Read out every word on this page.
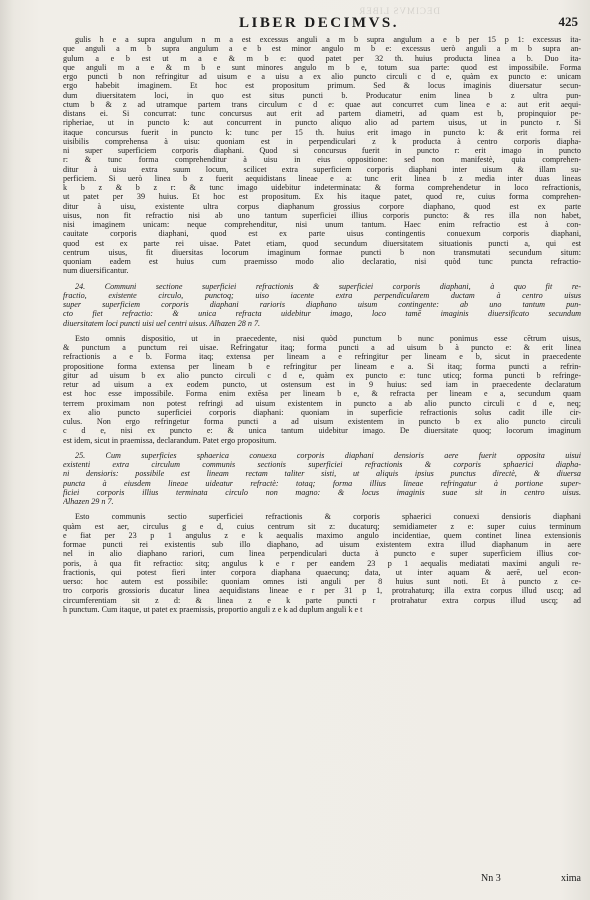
DECIMVS LIBER
LIBER DECIMVS.	425

gulis h e a supra angulum n m a est excessus anguli a m b supra angulum a e b per 15 p 1: excessus ita-
que anguli a m b supra angulum a e b est minor angulo m b e: excessus uerò anguli a m b supra an-
gulum a e b est ut m a e & m b e: quod patet per 32 th. huius producta linea a b. Duo ita-
que anguli m a e & m b e sunt minores angulo m b e, totum sua parte: quod est impossibile. Forma
ergo puncti b non refringitur ad uisum e a uisu a ex alio puncto circuli c d e, quàm ex puncto e: unicam
ergo habebit imaginem. Et hoc est propositum primum. Sed & locus imaginis diuersatur secun-
dum diuersitatem loci, in quo est situs puncti b. Producatur enim linea b z ultra pun-
ctum b & z ad utramque partem trans circulum c d e: quae aut concurret cum linea e a: aut erit aequi-
distans ei. Si concurrat: tunc concursus aut erit ad partem diametri, ad quam est b, propinquior pe-
ripheriae, ut in puncto k: aut concurrent in puncto aliquo alio ad partem uisus, ut in puncto r. Si
itaque concursus fuerit in puncto k: tunc per 15 th. huius erit imago in puncto k: & erit forma rei
uisibilis comprehensa à uisu: quoniam est in perpendiculari z k producta à centro corporis diapha-
ni super superficiem corporis diaphani. Quod si concursus fuerit in puncto r: erit imago in puncto
r: & tunc forma comprehenditur à uisu in eius oppositione: sed non manifestè, quia comprehen-
ditur à uisu extra suum locum, scilicet extra superficiem corporis diaphani inter uisum & illam su-
perficiem. Si uerò linea b z fuerit aequidistans lineae e a: tunc erit linea b z media inter duas lineas
k b z & b z r: & tunc imago uidebitur indeterminata: & forma comprehendetur in loco refractionis,
ut patet per 39 huius. Et hoc est propositum. Ex his itaque patet, quod re, cuius forma comprehen-
ditur à uisu, existente ultra corpus diaphanum grossius corpore diaphano, quod est ex parte
uisus, non fit refractio nisi ab uno tantum superficiei illius corporis puncto: & res illa non habet,
nisi imaginem unicam: neque comprehenditur, nisi unum tantum. Haec enim refractio est à con-
cauitate corporis diaphani, quod est ex parte uisus contingentis conuexum corporis diaphani,
quod est ex parte rei uisae. Patet etiam, quod secundum diuersitatem situationis puncti a, qui est
centrum uisus, fit diuersitas locorum imaginum formae puncti b non transmutati secundum situm:
quoniam eadem est huius cum praemisso modo alio declaratio, nisi quòd tunc puncta refractio-
num diuersificantur.

24. Communi sectione superficiei refractionis & superficiei corporis diaphani, à quo fit re-
fractio, existente circulo, punctoq; uiso iacente extra perpendicularem ductam à centro uisus
super superficiem corporis diaphani rarioris diaphano uisum contingente: ab uno tantum pun-
cto fiet refractio: & unica refracta uidebitur imago, loco tamē imaginis diuersificato secundum
diuersitatem loci puncti uisi uel centri uisus. Alhazen 28 n 7.

Esto omnis dispositio, ut in praecedente, nisi quòd punctum b nunc ponimus esse cētrum uisus,
& punctum a punctum rei uisae. Refringatur itaq; forma puncti a ad uisum b à puncto e: & erit linea
refractionis a e b. Forma itaq; extensa per lineam a e refringitur per lineam e b, sicut in praecedente
propositione forma extensa per lineam b e refringitur per lineam e a. Si itaq; forma puncti a refrin-
gitur ad uisum b ex alio puncto circuli c d e, quàm ex puncto e: tunc uticq; forma puncti b refringe-
retur ad uisum a ex eodem puncto, ut ostensum est in 9 huius: sed iam in praecedente declaratum
est hoc esse impossibile. Forma enim extēsa per lineam b e, & refracta per lineam e a, secundum quam
terrem proximam non potest refringi ad uisum existentem in puncto a ab alio puncto circuli c d e, neq;
ex alio puncto superficiei corporis diaphani: quoniam in superficie refractionis solus cadit ille cir-
culus. Non ergo refringetur forma puncti a ad uisum existentem in puncto b ex alio puncto circuli
c d e, nisi ex puncto e: & unica tantum uidebitur imago. De diuersitate quoq; locorum imaginum
est idem, sicut in praemissa, declarandum. Patet ergo propositum.

25. Cum superficies sphaerica conuexa corporis diaphani densioris aere fuerit opposita uisui
existenti extra circulum communis sectionis superficiei refractionis & corporis sphaerici diapha-
ni densioris: possibile est lineam rectam taliter sisti, ut aliquis ipsius punctus directè, & diuersa
puncta à eiusdem lineae uideatur refractè: totaq; forma illius lineae refringatur à portione super-
ficiei corporis illius terminata circulo non magno: & locus imaginis suae sit in centro uisus.
Alhazen 29 n 7.

Esto communis sectio superficiei refractionis & corporis sphaerici conuexi densioris diaphani
quàm est aer, circulus g e d, cuius centrum sit z: ducaturq; semidiameter z e: super cuius terminum
e fiat per 23 p 1 angulus z e k aequalis maximo angulo incidentiae, quem continet linea extensionis
formae puncti rei existentis sub illo diaphano, ad uisum existentem extra illud diaphanum in aere
nel in alio diaphano rariori, cum linea perpendiculari ducta à puncto e super superficiem illius cor-
poris, à qua fit refractio: sitq; angulus k e r per eandem 23 p 1 aequalis mediatati maximi anguli re-
fractionis, qui potest fieri inter corpora diaphana quaecunq; data, ut inter aquam & aerē, uel econ-
uerso: hoc autem est possibile: quoniam omnes isti anguli per 8 huius sunt noti. Et à puncto z ce-
tro corporis grossioris ducatur linea aequidistans lineae e r per 31 p 1, protrahaturq; illa extra corpus illud uscq; ad
circumferentiam sit z d: & linea z e k parte puncti r protrahatur extra corpus illud uscq; ad
h punctum. Cum itaque, ut patet ex praemissis, proportio anguli z e k ad duplum anguli k e t

Nn 3	xima
